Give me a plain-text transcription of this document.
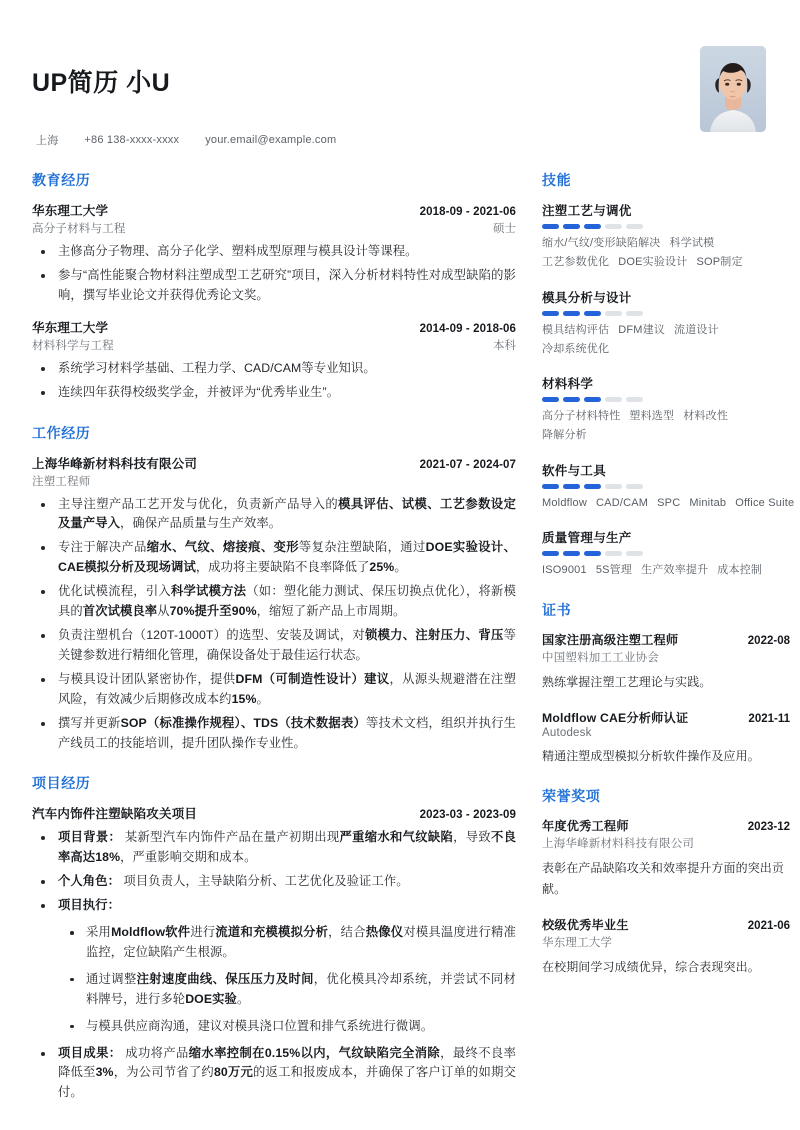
UP简历 小U
上海 +86 138-xxxx-xxxx your.email@example.com
教育经历
华东理工大学	2018-09 - 2021-06
高分子材料与工程	硕士
主修高分子物理、高分子化学、塑料成型原理与模具设计等课程。
参与“高性能聚合物材料注塑成型工艺研究”项目，深入分析材料特性对成型缺陷的影响，撰写毕业论文并获得优秀论文奖。
华东理工大学	2014-09 - 2018-06
材料科学与工程	本科
系统学习材料学基础、工程力学、CAD/CAM等专业知识。
连续四年获得校级奖学金，并被评为“优秀毕业生”。
工作经历
上海华峰新材料科技有限公司	2021-07 - 2024-07
注塑工程师
主导注塑产品工艺开发与优化，负责新产品导入的模具评估、试模、工艺参数设定及量产导入，确保产品质量与生产效率。
专注于解决产品缩水、气纹、熔接痕、变形等复杂注塑缺陷，通过DOE实验设计、CAE模拟分析及现场调试，成功将主要缺陷不良率降低了25%。
优化试模流程，引入科学试模方法（如：塑化能力测试、保压切换点优化），将新模具的首次试模良率从70%提升至90%，缩短了新产品上市周期。
负责注塑机台（120T-1000T）的选型、安装及调试，对锁模力、注射压力、背压等关键参数进行精细化管理，确保设备处于最佳运行状态。
与模具设计团队紧密协作，提供DFM（可制造性设计）建议，从源头规避潜在注塑风险，有效减少后期修改成本约15%。
撰写并更新SOP（标准操作规程）、TDS（技术数据表）等技术文档，组织并执行生产线员工的技能培训，提升团队操作专业性。
项目经历
汽车内饰件注塑缺陷攻关项目	2023-03 - 2023-09
项目背景： 某新型汽车内饰件产品在量产初期出现严重缩水和气纹缺陷，导致不良率高达18%，严重影响交期和成本。
个人角色： 项目负责人，主导缺陷分析、工艺优化及验证工作。
项目执行：
采用Moldflow软件进行流道和充模模拟分析，结合热像仪对模具温度进行精准监控，定位缺陷产生根源。
通过调整注射速度曲线、保压压力及时间，优化模具冷却系统，并尝试不同材料牌号，进行多轮DOE实验。
与模具供应商沟通，建议对模具浇口位置和排气系统进行微调。
项目成果： 成功将产品缩水率控制在0.15%以内，气纹缺陷完全消除，最终不良率降低至3%，为公司节省了约80万元的返工和报废成本，并确保了客户订单的如期交付。
技能
注塑工艺与调优
缩水/气纹/变形缺陷解决 科学试模工艺参数优化 DOE实验设计 SOP制定
模具分析与设计
模具结构评估 DFM建议 流道设计冷却系统优化
材料科学
高分子材料特性 塑料选型 材料改性降解分析
软件与工具
Moldflow CAD/CAM SPC Minitab Office Suite
质量管理与生产
ISO9001 5S管理 生产效率提升 成本控制
证书
国家注册高级注塑工程师	2022-08
中国塑料加工工业协会
熟练掌握注塑工艺理论与实践。
Moldflow CAE分析师认证	2021-11
Autodesk
精通注塑成型模拟分析软件操作及应用。
荣誉奖项
年度优秀工程师	2023-12
上海华峰新材料科技有限公司
表彰在产品缺陷攻关和效率提升方面的突出贡献。
校级优秀毕业生	2021-06
华东理工大学
在校期间学习成绩优异，综合表现突出。
